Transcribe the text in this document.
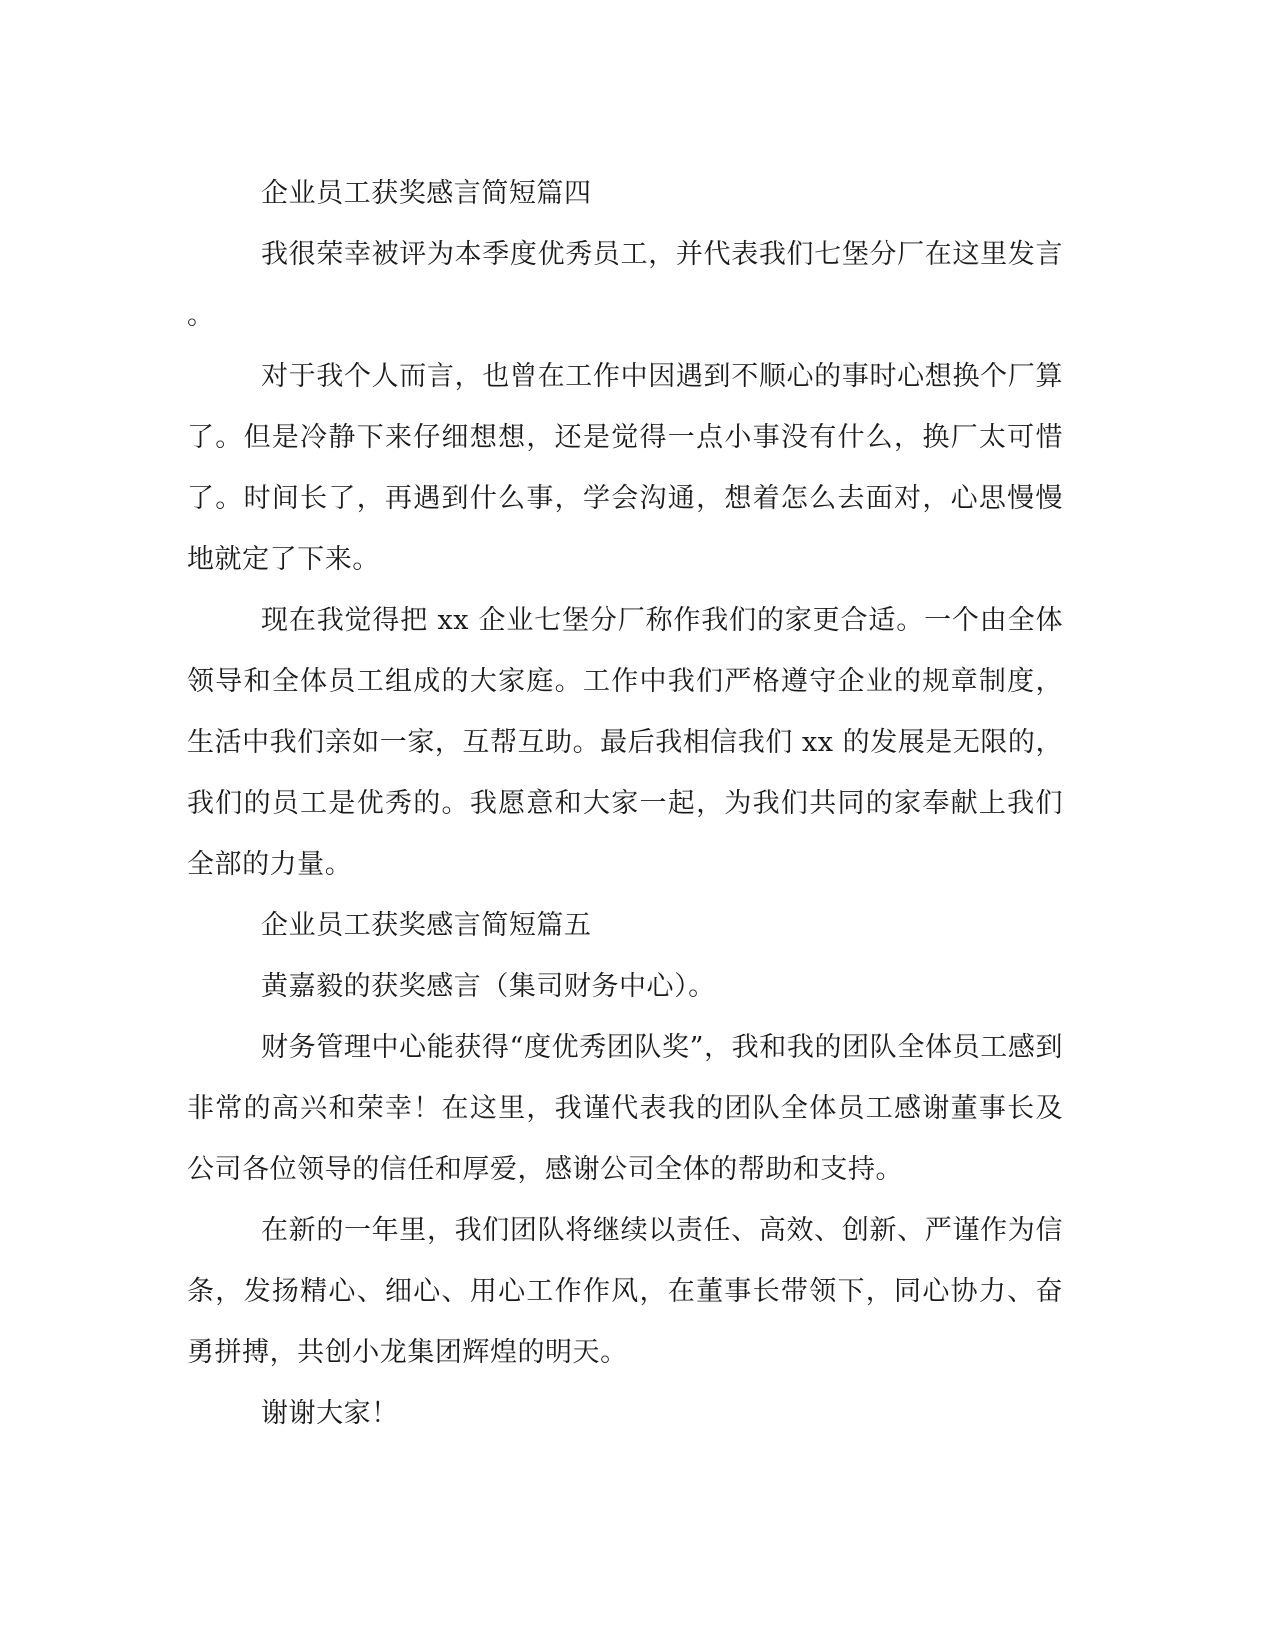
企业员工获奖感言简短篇四

我很荣幸被评为本季度优秀员工，并代表我们七堡分厂在这里发言。

对于我个人而言，也曾在工作中因遇到不顺心的事时心想换个厂算了。但是冷静下来仔细想想，还是觉得一点小事没有什么，换厂太可惜了。时间长了，再遇到什么事，学会沟通，想着怎么去面对，心思慢慢地就定了下来。

现在我觉得把 xx 企业七堡分厂称作我们的家更合适。一个由全体领导和全体员工组成的大家庭。工作中我们严格遵守企业的规章制度，生活中我们亲如一家，互帮互助。最后我相信我们 xx 的发展是无限的，我们的员工是优秀的。我愿意和大家一起，为我们共同的家奉献上我们全部的力量。

企业员工获奖感言简短篇五

黄嘉毅的获奖感言（集司财务中心）。

财务管理中心能获得“度优秀团队奖”，我和我的团队全体员工感到非常的高兴和荣幸！在这里，我谨代表我的团队全体员工感谢董事长及公司各位领导的信任和厚爱，感谢公司全体的帮助和支持。

在新的一年里，我们团队将继续以责任、高效、创新、严谨作为信条，发扬精心、细心、用心工作作风，在董事长带领下，同心协力、奋勇拼搏，共创小龙集团辉煌的明天。

谢谢大家！
